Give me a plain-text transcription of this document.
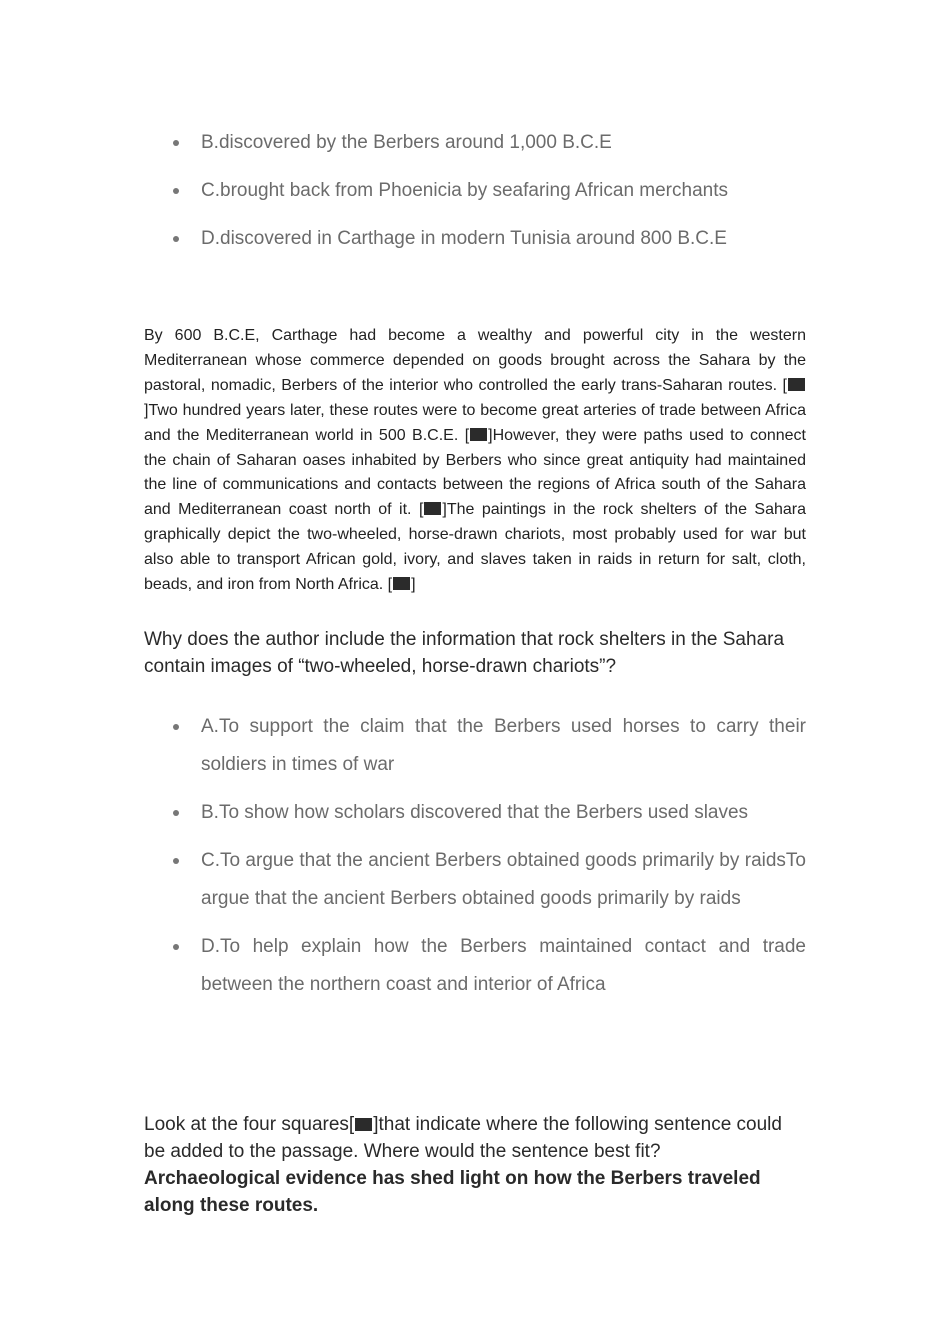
B.discovered by the Berbers around 1,000 B.C.E
C.brought back from Phoenicia by seafaring African merchants
D.discovered in Carthage in modern Tunisia around 800 B.C.E

By 600 B.C.E, Carthage had become a wealthy and powerful city in the western Mediterranean whose commerce depended on goods brought across the Sahara by the pastoral, nomadic, Berbers of the interior who controlled the early trans-Saharan routes. []Two hundred years later, these routes were to become great arteries of trade between Africa and the Mediterranean world in 500 B.C.E. [ ]However, they were paths used to connect the chain of Saharan oases inhabited by Berbers who since great antiquity had maintained the line of communications and contacts between the regions of Africa south of the Sahara and Mediterranean coast north of it. [ ]The paintings in the rock shelters of the Sahara graphically depict the two-wheeled, horse-drawn chariots, most probably used for war but also able to transport African gold, ivory, and slaves taken in raids in return for salt, cloth, beads, and iron from North Africa. [ ]

Why does the author include the information that rock shelters in the Sahara contain images of “two-wheeled, horse-drawn chariots”?

A.To support the claim that the Berbers used horses to carry their soldiers in times of war
B.To show how scholars discovered that the Berbers used slaves
C.To argue that the ancient Berbers obtained goods primarily by raidsTo argue that the ancient Berbers obtained goods primarily by raids
D.To help explain how the Berbers maintained contact and trade between the northern coast and interior of Africa

Look at the four squares[ ]that indicate where the following sentence could be added to the passage. Where would the sentence best fit?
Archaeological evidence has shed light on how the Berbers traveled along these routes.
